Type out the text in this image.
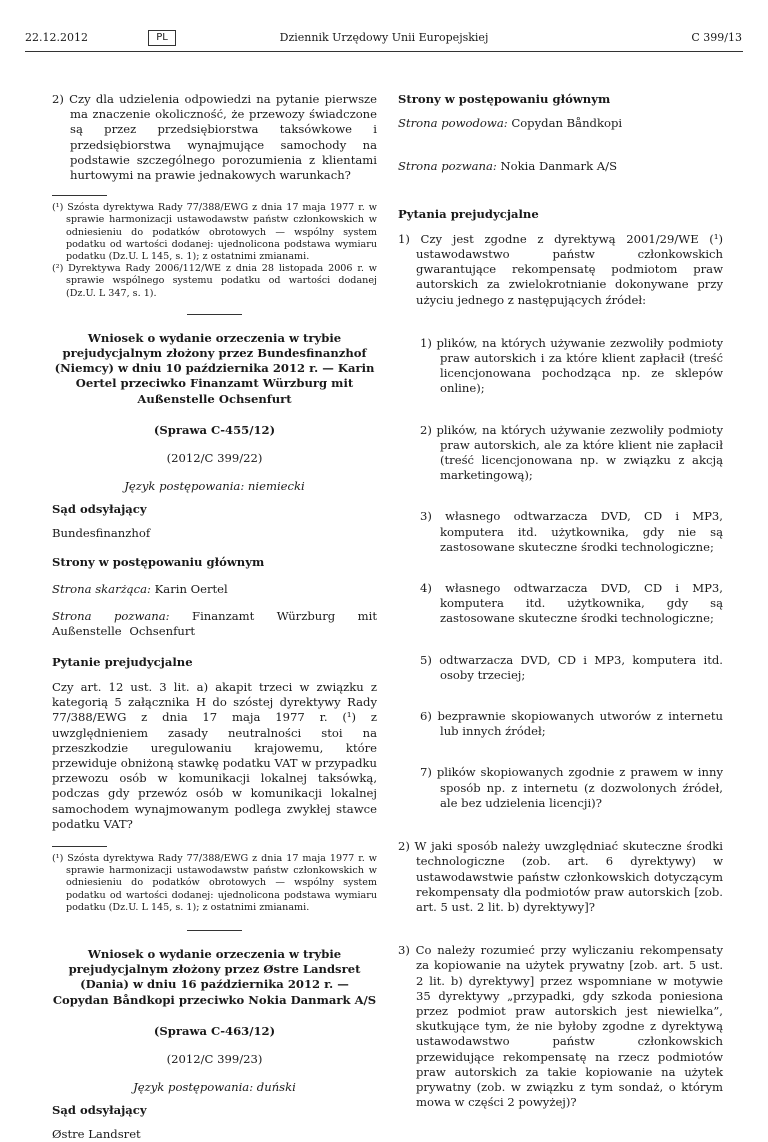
22.12.2012	PL	Dziennik Urzędowy Unii Europejskiej	C 399/13

2) Czy dla udzielenia odpowiedzi na pytanie pierwsze ma znaczenie okoliczność, że przewozy świadczone są przez przedsiębiorstwa taksówkowe i przedsiębiorstwa wynajmujące samochody na podstawie szczególnego porozumienia z klientami hurtowymi na prawie jednakowych warunkach?

(¹) Szósta dyrektywa Rady 77/388/EWG z dnia 17 maja 1977 r. w sprawie harmonizacji ustawodawstw państw członkowskich w odniesieniu do podatków obrotowych — wspólny system podatku od wartości dodanej: ujednolicona podstawa wymiaru podatku (Dz.U. L 145, s. 1); z ostatnimi zmianami.

(²) Dyrektywa Rady 2006/112/WE z dnia 28 listopada 2006 r. w sprawie wspólnego systemu podatku od wartości dodanej (Dz.U. L 347, s. 1).

Wniosek o wydanie orzeczenia w trybie prejudycjalnym złożony przez Bundesfinanzhof (Niemcy) w dniu 10 października 2012 r. — Karin Oertel przeciwko Finanzamt Würzburg mit Außenstelle Ochsenfurt

(Sprawa C-455/12)

(2012/C 399/22)

Język postępowania: niemiecki

Sąd odsyłający

Bundesfinanzhof

Strony w postępowaniu głównym

Strona skarżąca: Karin Oertel

Strona pozwana: Finanzamt Würzburg mit Außenstelle Ochsenfurt

Pytanie prejudycjalne

Czy art. 12 ust. 3 lit. a) akapit trzeci w związku z kategorią 5 załącznika H do szóstej dyrektywy Rady 77/388/EWG z dnia 17 maja 1977 r. (¹) z uwzględnieniem zasady neutralności stoi na przeszkodzie uregulowaniu krajowemu, które przewiduje obniżoną stawkę podatku VAT w przypadku przewozu osób w komunikacji lokalnej taksówką, podczas gdy przewóz osób w komunikacji lokalnej samochodem wynajmowanym podlega zwykłej stawce podatku VAT?

(¹) Szósta dyrektywa Rady 77/388/EWG z dnia 17 maja 1977 r. w sprawie harmonizacji ustawodawstw państw członkowskich w odniesieniu do podatków obrotowych — wspólny system podatku od wartości dodanej: ujednolicona podstawa wymiaru podatku (Dz.U. L 145, s. 1); z ostatnimi zmianami.

Wniosek o wydanie orzeczenia w trybie prejudycjalnym złożony przez Østre Landsret (Dania) w dniu 16 października 2012 r. — Copydan Båndkopi przeciwko Nokia Danmark A/S

(Sprawa C-463/12)

(2012/C 399/23)

Język postępowania: duński

Sąd odsyłający

Østre Landsret

Strony w postępowaniu głównym

Strona powodowa: Copydan Båndkopi

Strona pozwana: Nokia Danmark A/S

Pytania prejudycjalne

1) Czy jest zgodne z dyrektywą 2001/29/WE (¹) ustawodawstwo państw członkowskich gwarantujące rekompensatę podmiotom praw autorskich za zwielokrotnianie dokonywane przy użyciu jednego z następujących źródeł:

1) plików, na których używanie zezwoliły podmioty praw autorskich i za które klient zapłacił (treść licencjonowana pochodząca np. ze sklepów online);

2) plików, na których używanie zezwoliły podmioty praw autorskich, ale za które klient nie zapłacił (treść licencjonowana np. w związku z akcją marketingową);

3) własnego odtwarzacza DVD, CD i MP3, komputera itd. użytkownika, gdy nie są zastosowane skuteczne środki technologiczne;

4) własnego odtwarzacza DVD, CD i MP3, komputera itd. użytkownika, gdy są zastosowane skuteczne środki technologiczne;

5) odtwarzacza DVD, CD i MP3, komputera itd. osoby trzeciej;

6) bezprawnie skopiowanych utworów z internetu lub innych źródeł;

7) plików skopiowanych zgodnie z prawem w inny sposób np. z internetu (z dozwolonych źródeł, ale bez udzielenia licencji)?

2) W jaki sposób należy uwzględniać skuteczne środki technologiczne (zob. art. 6 dyrektywy) w ustawodawstwie państw członkowskich dotyczącym rekompensaty dla podmiotów praw autorskich [zob. art. 5 ust. 2 lit. b) dyrektywy]?

3) Co należy rozumieć przy wyliczaniu rekompensaty za kopiowanie na użytek prywatny [zob. art. 5 ust. 2 lit. b) dyrektywy] przez wspomniane w motywie 35 dyrektywy „przypadki, gdy szkoda poniesiona przez podmiot praw autorskich jest niewielka”, skutkujące tym, że nie byłoby zgodne z dyrektywą ustawodawstwo państw członkowskich przewidujące rekompensatę na rzecz podmiotów praw autorskich za takie kopiowanie na użytek prywatny (zob. w związku z tym sondaż, o którym mowa w części 2 powyżej)?
